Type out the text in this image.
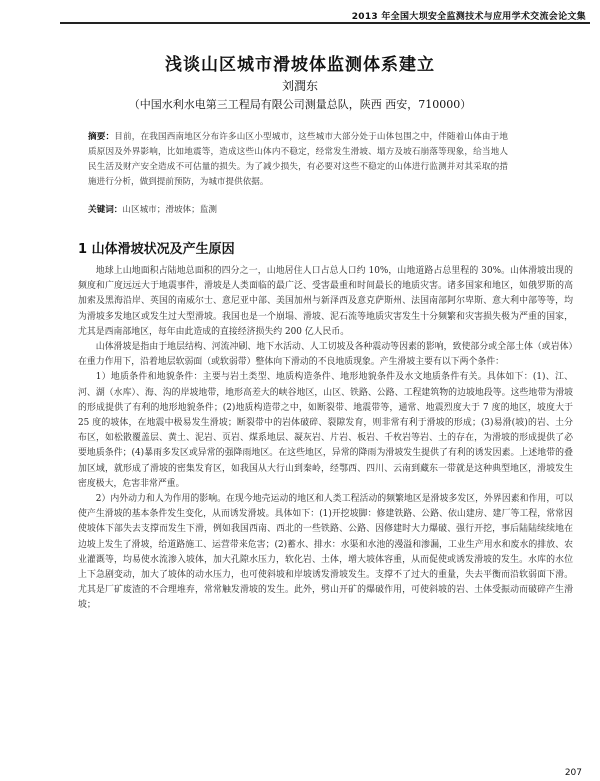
2013 年全国大坝安全监测技术与应用学术交流会论文集
浅谈山区城市滑坡体监测体系建立
刘潤东
（中国水利水电第三工程局有限公司测量总队，陕西 西安，710000）
摘要：目前，在我国西南地区分布许多山区小型城市，这些城市大部分处于山体包围之中，伴随着山体由于地质原因及外界影响，比如地震等，造成这些山体内不稳定，经常发生滑坡、塌方及坡石崩落等现象，给当地人民生活及财产安全造成不可估量的损失。为了减少损失，有必要对这些不稳定的山体进行监测并对其采取的措施进行分析，做到提前预防，为城市提供依据。
关键词：山区城市；滑坡体；监测
1 山体滑坡状况及产生原因

地球上山地面积占陆地总面积的四分之一，山地居住人口占总人口约 10%，山地道路占总里程的 30%。山体滑坡出现的频度和广度远远大于地震事件，滑坡是人类面临的最广泛、受害最重和时间最长的地质灾害。诸多国家和地区，如俄罗斯的高加索及黑海沿岸、英国的南威尔士、意尼亚中部、美国加州与新泽西及意克萨斯州、法国南部阿尔卑斯、意大利中部等等，均为滑坡多发地区或发生过大型滑坡。我国也是一个崩塌、滑坡、泥石流等地质灾害发生十分频繁和灾害损失极为严重的国家，尤其是西南部地区，每年由此造成的直接经济损失约 200 亿人民币。

山体滑坡是指由于地层结构、河流冲刷、地下水活动、人工切坡及各种震动等因素的影响，致使部分或全部土体（或岩体）在重力作用下，沿着地层软弱面（或软弱带）整体向下滑动的不良地质现象。产生滑坡主要有以下两个条件：

1）地质条件和地貌条件：主要与岩土类型、地质构造条件、地形地貌条件及水文地质条件有关。具体如下：(1)、江、河、湖（水库）、海、沟的岸坡地带，地形高差大的峡谷地区，山区、铁路、公路、工程建筑物的边坡地段等。这些地带为滑坡的形成提供了有利的地形地貌条件；(2)地质构造带之中，如断裂带、地震带等，通常、地震烈度大于 7 度的地区，坡度大于 25 度的坡体，在地震中极易发生滑坡；断裂带中的岩体破碎、裂隙发育，则非常有利于滑坡的形成；(3)易滑(坡)的岩、土分布区，如松散覆盖层、黄土、泥岩、页岩、煤系地层、凝灰岩、片岩、板岩、千枚岩等岩、土的存在，为滑坡的形成提供了必要地质条件；(4)暴雨多发区或异常的强降雨地区。在这些地区，异常的降雨为滑坡发生提供了有利的诱发因素。上述地带的叠加区域，就形成了滑坡的密集发育区，如我国从大行山到秦岭，经鄂西、四川、云南到藏东一带就是这种典型地区，滑坡发生密度极大，危害非常严重。

2）内外动力和人为作用的影响。在现今地壳运动的地区和人类工程活动的频繁地区是滑坡多发区，外界因素和作用，可以使产生滑坡的基本条件发生变化，从而诱发滑坡。具体如下：(1)开挖坡脚：修建铁路、公路、依山建房、建厂等工程，常常因使坡体下部失去支撑而发生下滑，例如我国西南、西北的一些铁路、公路、因修建时大力爆破、强行开挖，事后陆陆续续地在边坡上发生了滑坡，给道路施工、运营带来危害；(2)蓄水、排水：水渠和水池的漫溢和渗漏，工业生产用水和废水的排放、农业灌溉等，均易使水流渗入坡体，加大孔隙水压力，软化岩、土体，增大坡体容重，从而促使或诱发滑坡的发生。水库的水位上下急剧变动，加大了坡体的动水压力，也可使斜坡和岸坡诱发滑坡发生。支撑不了过大的重量，失去平衡而沿软弱面下滑。尤其是厂矿废渣的不合理堆弃，常常触发滑坡的发生。此外，劈山开矿的爆破作用，可使斜坡的岩、土体受振动而破碎产生滑坡；

207
